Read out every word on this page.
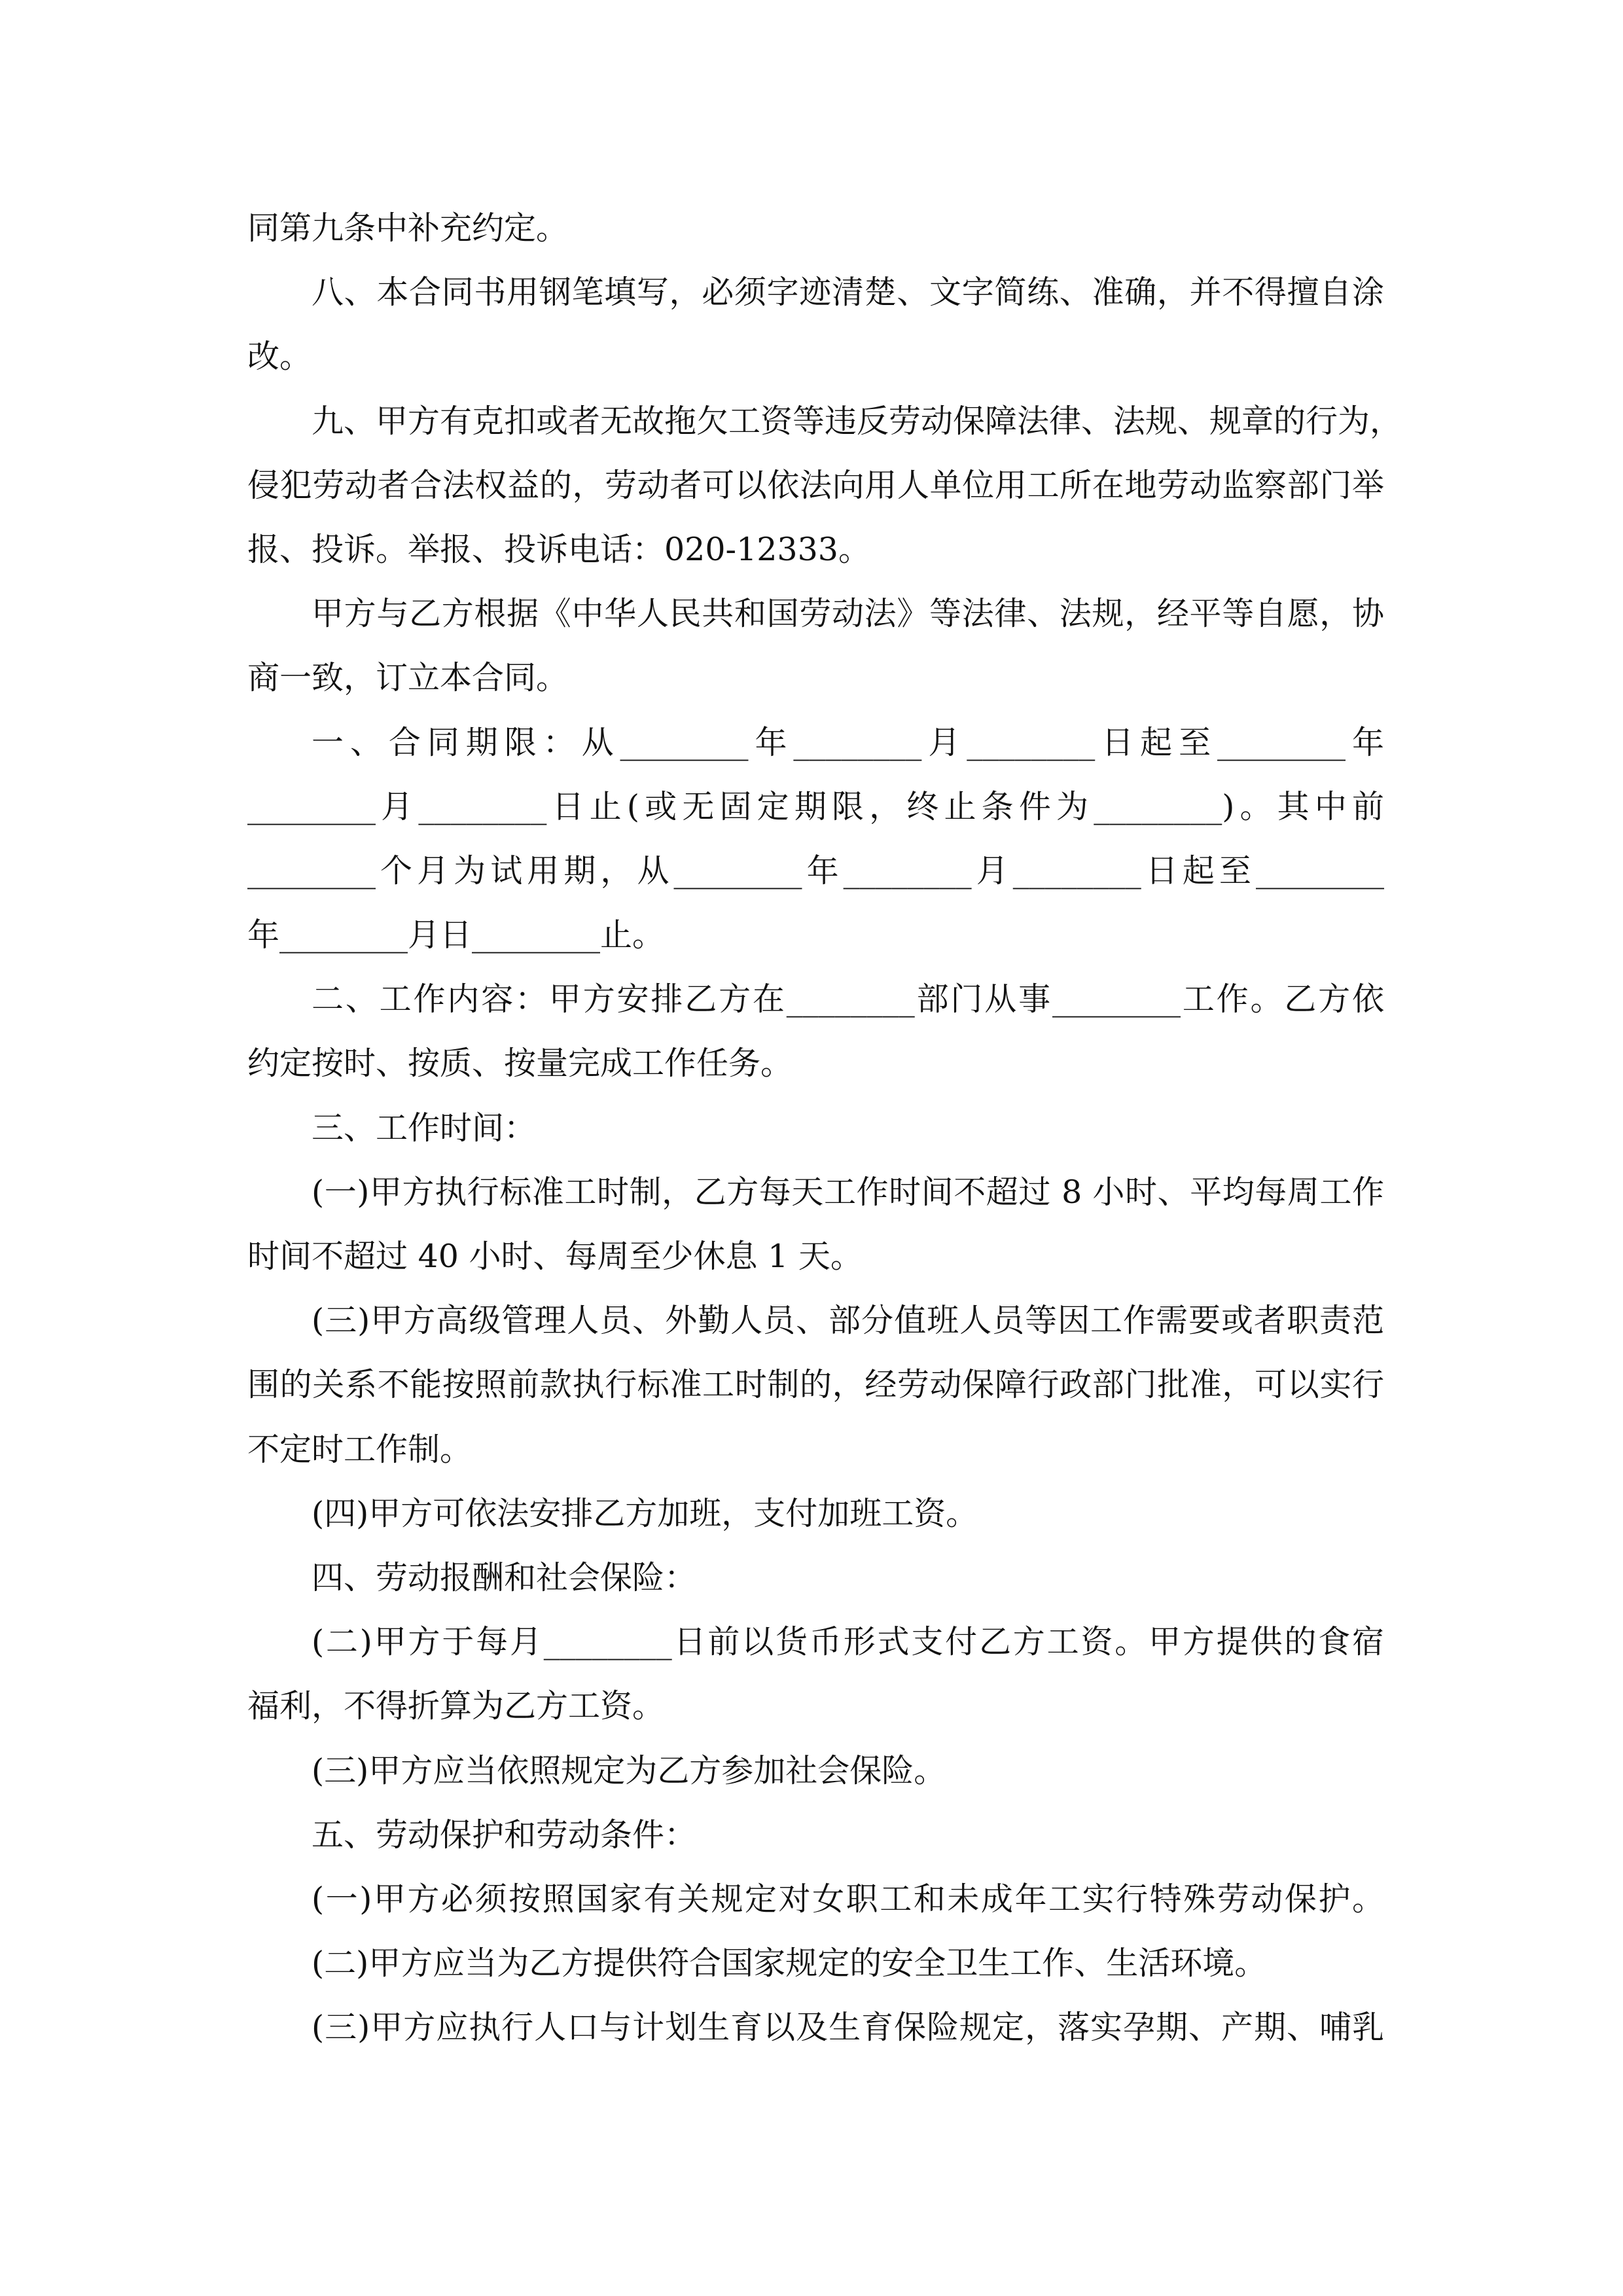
同第九条中补充约定。
八、本合同书用钢笔填写，必须字迹清楚、文字简练、准确，并不得擅自涂
改。
九、甲方有克扣或者无故拖欠工资等违反劳动保障法律、法规、规章的行为，
侵犯劳动者合法权益的，劳动者可以依法向用人单位用工所在地劳动监察部门举
报、投诉。举报、投诉电话：020-12333。
甲方与乙方根据《中华人民共和国劳动法》等法律、法规，经平等自愿，协
商一致，订立本合同。
一、合同期限：从________年________月________日起至________年
________月________日止(或无固定期限，终止条件为________)。其中前
________个月为试用期，从________年________月________日起至________
年________月日________止。
二、工作内容：甲方安排乙方在________部门从事________工作。乙方依
约定按时、按质、按量完成工作任务。
三、工作时间：
(一)甲方执行标准工时制，乙方每天工作时间不超过 8 小时、平均每周工作
时间不超过 40 小时、每周至少休息 1 天。
(三)甲方高级管理人员、外勤人员、部分值班人员等因工作需要或者职责范
围的关系不能按照前款执行标准工时制的，经劳动保障行政部门批准，可以实行
不定时工作制。
(四)甲方可依法安排乙方加班，支付加班工资。
四、劳动报酬和社会保险：
(二)甲方于每月________日前以货币形式支付乙方工资。甲方提供的食宿
福利，不得折算为乙方工资。
(三)甲方应当依照规定为乙方参加社会保险。
五、劳动保护和劳动条件：
(一)甲方必须按照国家有关规定对女职工和未成年工实行特殊劳动保护。
(二)甲方应当为乙方提供符合国家规定的安全卫生工作、生活环境。
(三)甲方应执行人口与计划生育以及生育保险规定，落实孕期、产期、哺乳
